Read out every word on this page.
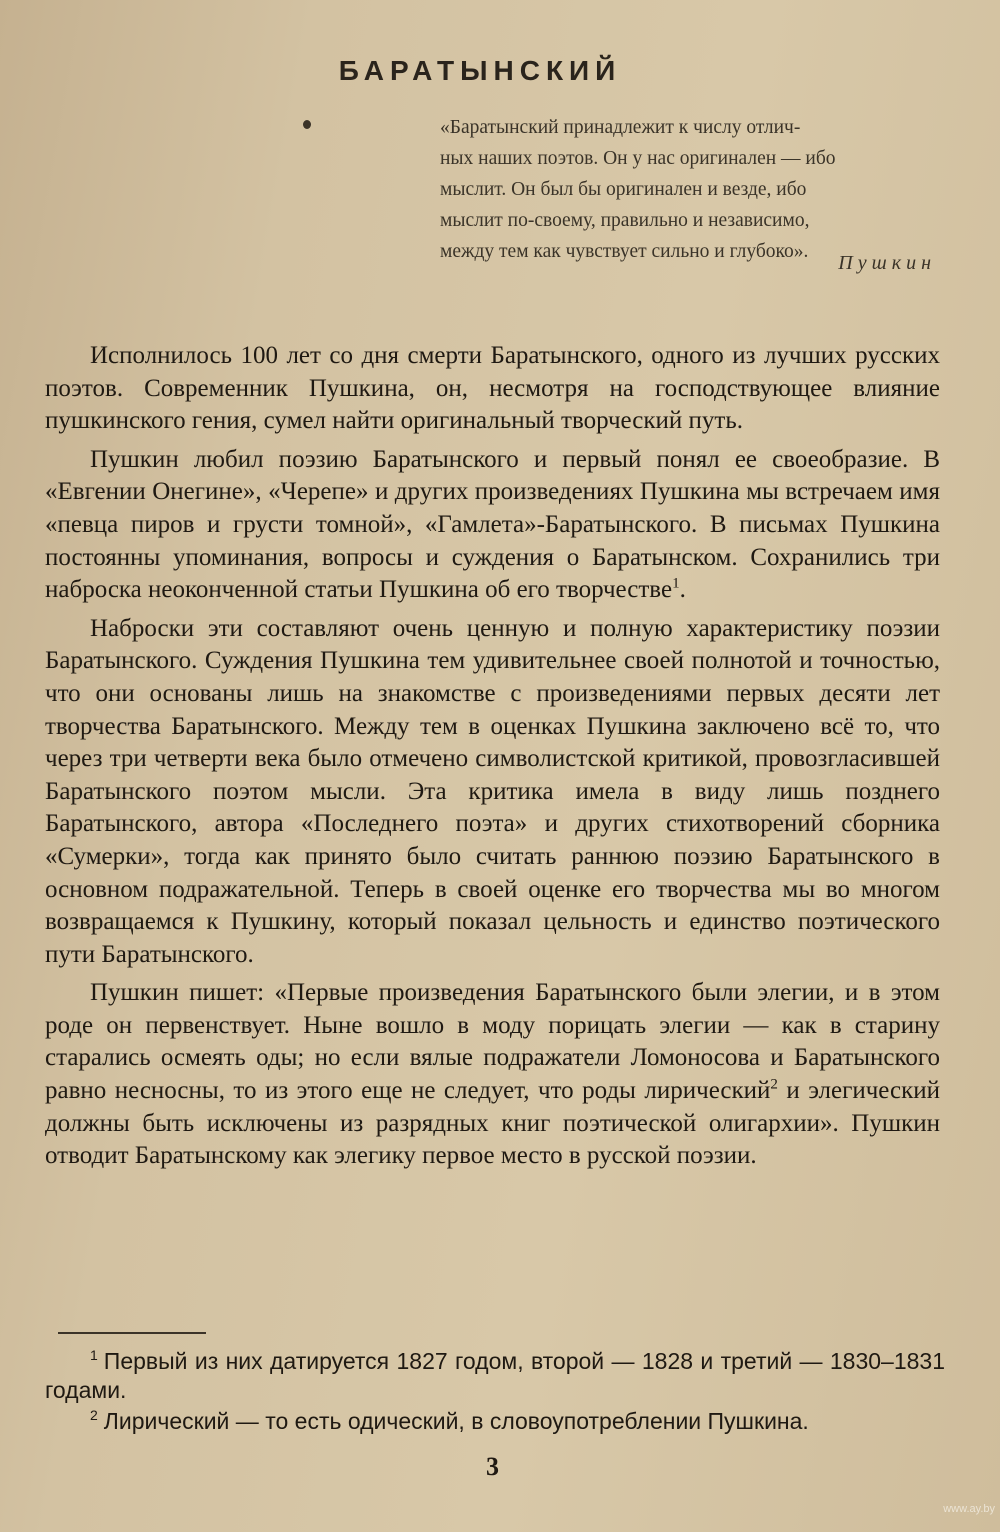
БАРАТЫНСКИЙ
«Баратынский принадлежит к числу отлич-
ных наших поэтов. Он у нас оригинален — ибо
мыслит. Он был бы оригинален и везде, ибо
мыслит по-своему, правильно и независимо,
между тем как чувствует сильно и глубоко».
Пушкин

Исполнилось 100 лет со дня смерти Баратынского, одного из лучших русских поэтов. Современник Пушкина, он, несмотря на господствующее влияние пушкинского гения, сумел найти оригинальный творческий путь.

Пушкин любил поэзию Баратынского и первый понял ее своеобразие. В «Евгении Онегине», «Черепе» и других произведениях Пушкина мы встречаем имя «певца пиров и грусти томной», «Гамлета»-Баратынского. В письмах Пушкина постоянны упоминания, вопросы и суждения о Баратынском. Сохранились три наброска неоконченной статьи Пушкина об его творчестве$^1$.

Наброски эти составляют очень ценную и полную характеристику поэзии Баратынского. Суждения Пушкина тем удивительнее своей полнотой и точностью, что они основаны лишь на знакомстве с произведениями первых десяти лет творчества Баратынского. Между тем в оценках Пушкина заключено всё то, что через три четверти века было отмечено символистской критикой, провозгласившей Баратынского поэтом мысли. Эта критика имела в виду лишь позднего Баратынского, автора «Последнего поэта» и других стихотворений сборника «Сумерки», тогда как принято было считать раннюю поэзию Баратынского в основном подражательной. Теперь в своей оценке его творчества мы во многом возвращаемся к Пушкину, который показал цельность и единство поэтического пути Баратынского.

Пушкин пишет: «Первые произведения Баратынского были элегии, и в этом роде он первенствует. Ныне вошло в моду порицать элегии — как в старину старались осмеять оды; но если вялые подражатели Ломоносова и Баратынского равно несносны, то из этого еще не следует, что роды лирический$^2$ и элегический должны быть исключены из разрядных книг поэтической олигархии». Пушкин отводит Баратынскому как элегику первое место в русской поэзии.

$^1$ Первый из них датируется 1827 годом, второй — 1828 и третий — 1830–1831 годами.

$^2$ Лирический — то есть одический, в словоупотреблении Пушкина.

3
www.ay.by
